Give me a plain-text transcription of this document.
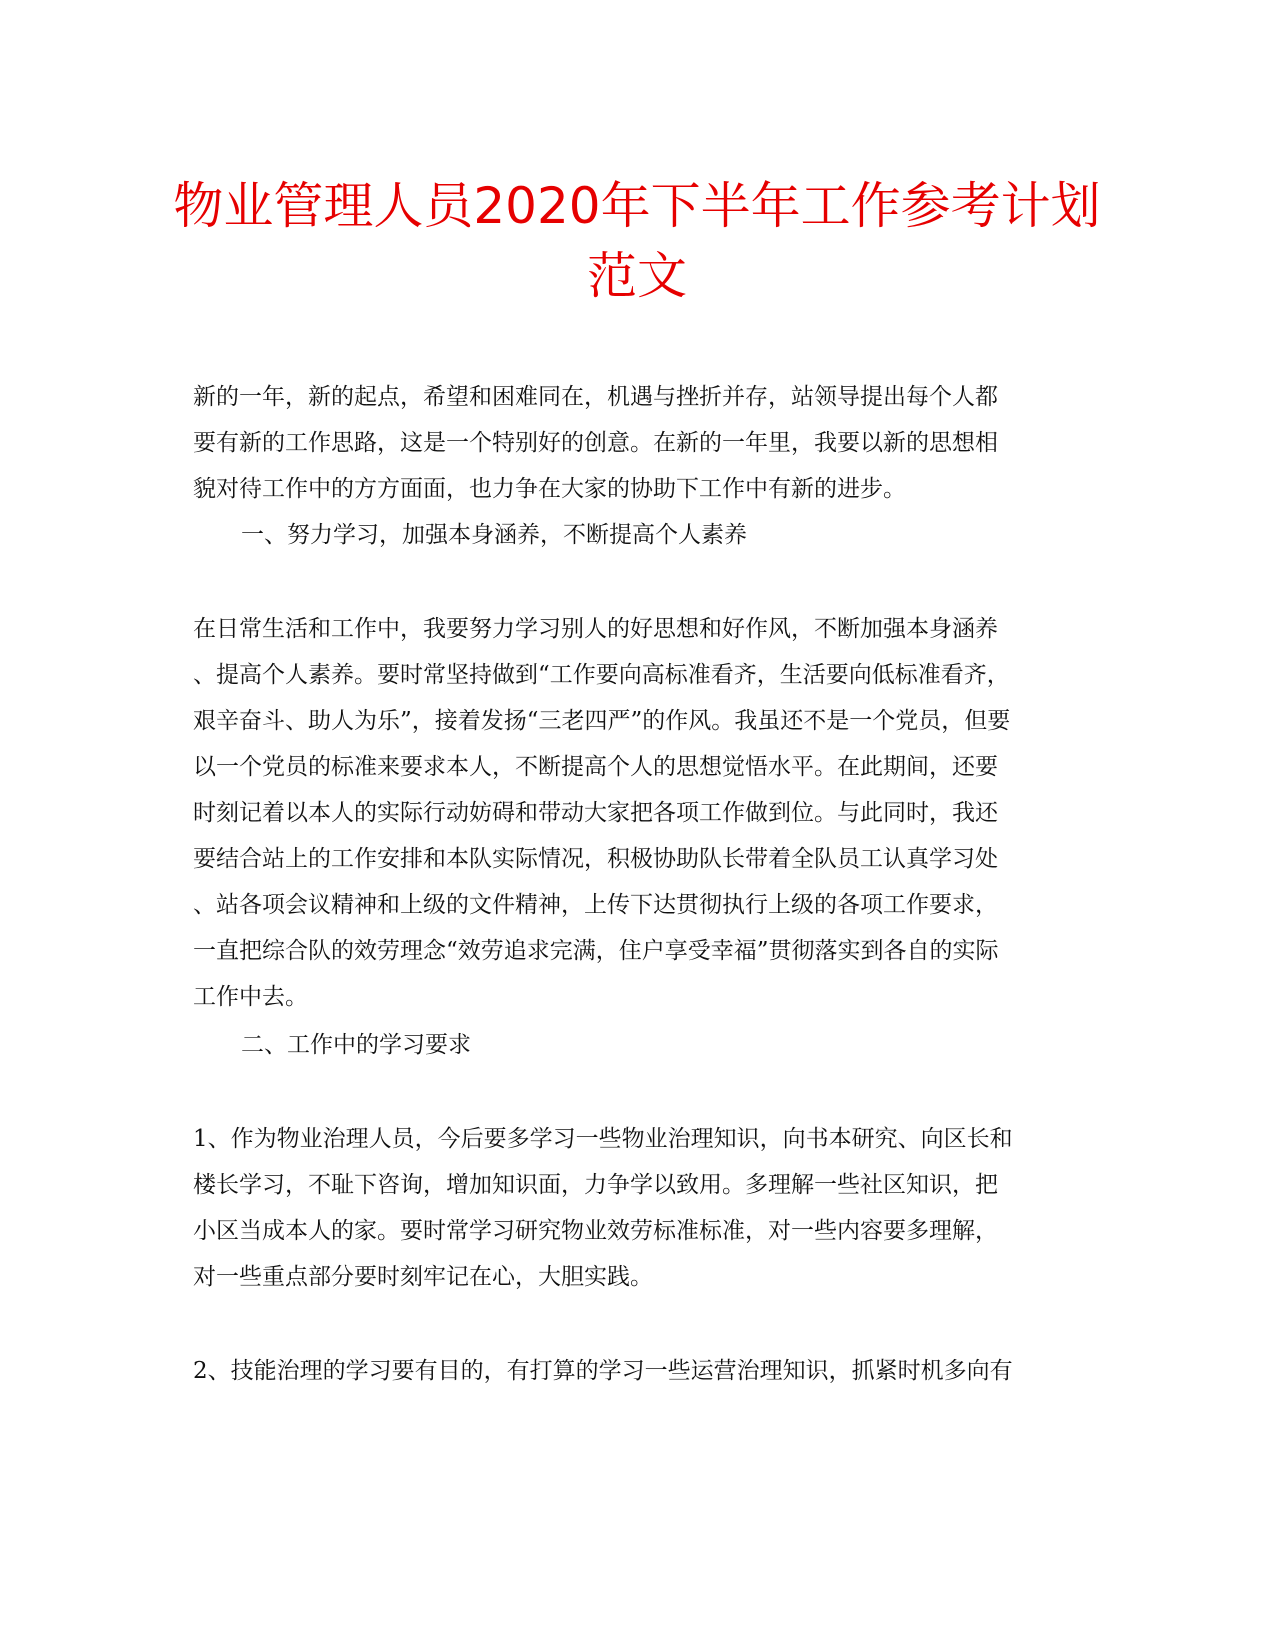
物业管理人员2020年下半年工作参考计划
范文
新的一年，新的起点，希望和困难同在，机遇与挫折并存，站领导提出每个人都
要有新的工作思路，这是一个特别好的创意。在新的一年里，我要以新的思想相
貌对待工作中的方方面面，也力争在大家的协助下工作中有新的进步。
一、努力学习，加强本身涵养，不断提高个人素养
在日常生活和工作中，我要努力学习别人的好思想和好作风，不断加强本身涵养
、提高个人素养。要时常坚持做到“工作要向高标准看齐，生活要向低标准看齐，
艰辛奋斗、助人为乐”，接着发扬“三老四严”的作风。我虽还不是一个党员，但要
以一个党员的标准来要求本人，不断提高个人的思想觉悟水平。在此期间，还要
时刻记着以本人的实际行动妨碍和带动大家把各项工作做到位。与此同时，我还
要结合站上的工作安排和本队实际情况，积极协助队长带着全队员工认真学习处
、站各项会议精神和上级的文件精神，上传下达贯彻执行上级的各项工作要求，
一直把综合队的效劳理念“效劳追求完满，住户享受幸福”贯彻落实到各自的实际
工作中去。
二、工作中的学习要求
1、作为物业治理人员，今后要多学习一些物业治理知识，向书本研究、向区长和
楼长学习，不耻下咨询，增加知识面，力争学以致用。多理解一些社区知识，把
小区当成本人的家。要时常学习研究物业效劳标准标准，对一些内容要多理解，
对一些重点部分要时刻牢记在心，大胆实践。
2、技能治理的学习要有目的，有打算的学习一些运营治理知识，抓紧时机多向有
